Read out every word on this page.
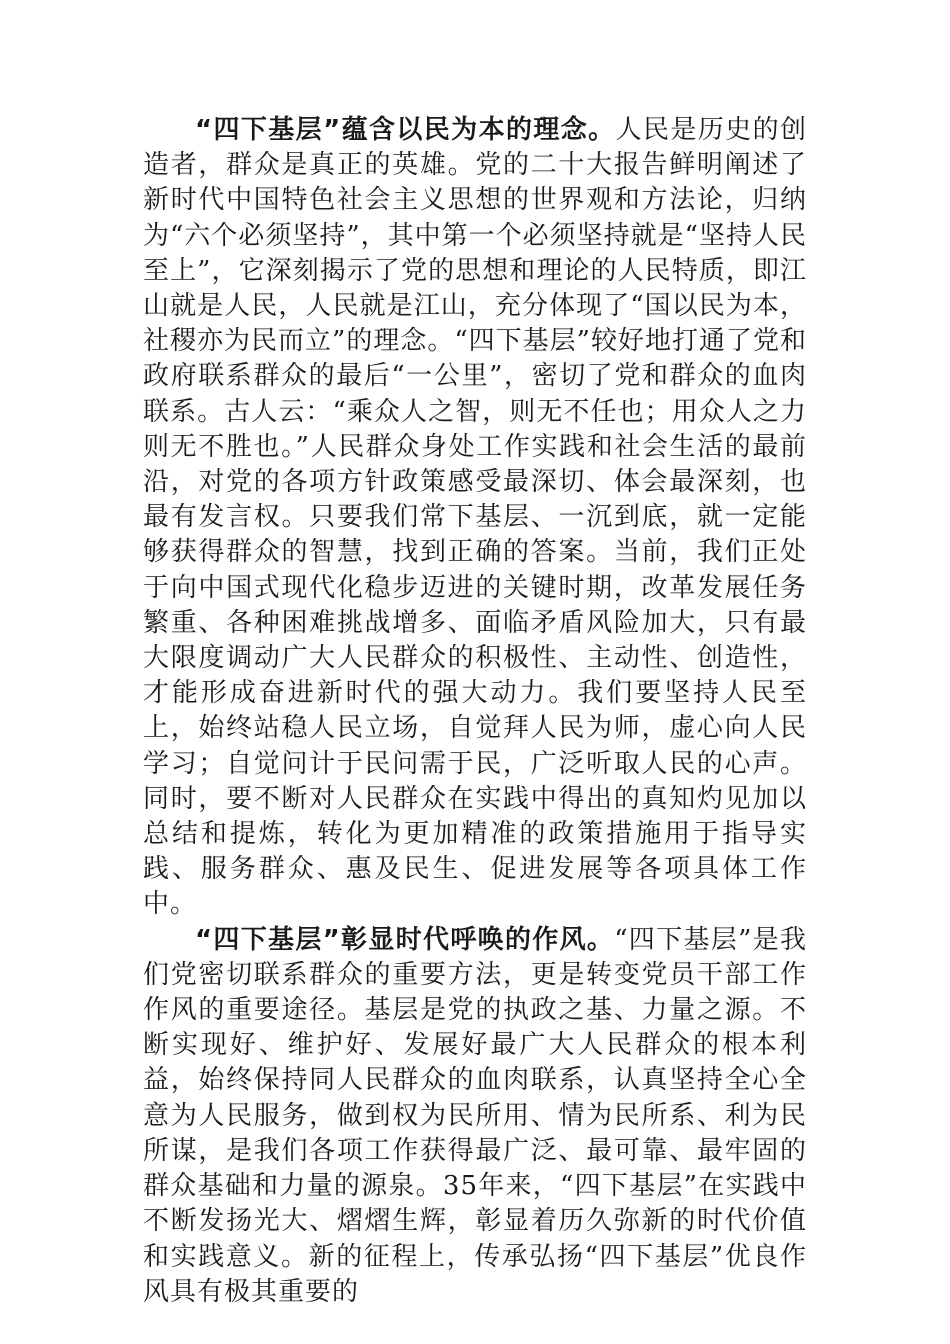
“四下基层”蕴含以民为本的理念。人民是历史的创造者，群众是真正的英雄。党的二十大报告鲜明阐述了新时代中国特色社会主义思想的世界观和方法论，归纳为“六个必须坚持”，其中第一个必须坚持就是“坚持人民至上”，它深刻揭示了党的思想和理论的人民特质，即江山就是人民，人民就是江山，充分体现了“国以民为本，社稷亦为民而立”的理念。“四下基层”较好地打通了党和政府联系群众的最后“一公里”，密切了党和群众的血肉联系。古人云：“乘众人之智，则无不任也；用众人之力则无不胜也。”人民群众身处工作实践和社会生活的最前沿，对党的各项方针政策感受最深切、体会最深刻，也最有发言权。只要我们常下基层、一沉到底，就一定能够获得群众的智慧，找到正确的答案。当前，我们正处于向中国式现代化稳步迈进的关键时期，改革发展任务繁重、各种困难挑战增多、面临矛盾风险加大，只有最大限度调动广大人民群众的积极性、主动性、创造性，才能形成奋进新时代的强大动力。我们要坚持人民至上，始终站稳人民立场，自觉拜人民为师，虚心向人民学习；自觉问计于民问需于民，广泛听取人民的心声。同时，要不断对人民群众在实践中得出的真知灼见加以总结和提炼，转化为更加精准的政策措施用于指导实践、服务群众、惠及民生、促进发展等各项具体工作中。

“四下基层”彰显时代呼唤的作风。“四下基层”是我们党密切联系群众的重要方法，更是转变党员干部工作作风的重要途径。基层是党的执政之基、力量之源。不断实现好、维护好、发展好最广大人民群众的根本利益，始终保持同人民群众的血肉联系，认真坚持全心全意为人民服务，做到权为民所用、情为民所系、利为民所谋，是我们各项工作获得最广泛、最可靠、最牢固的群众基础和力量的源泉。35年来，“四下基层”在实践中不断发扬光大、熠熠生辉，彰显着历久弥新的时代价值和实践意义。新的征程上，传承弘扬“四下基层”优良作风具有极其重要的
